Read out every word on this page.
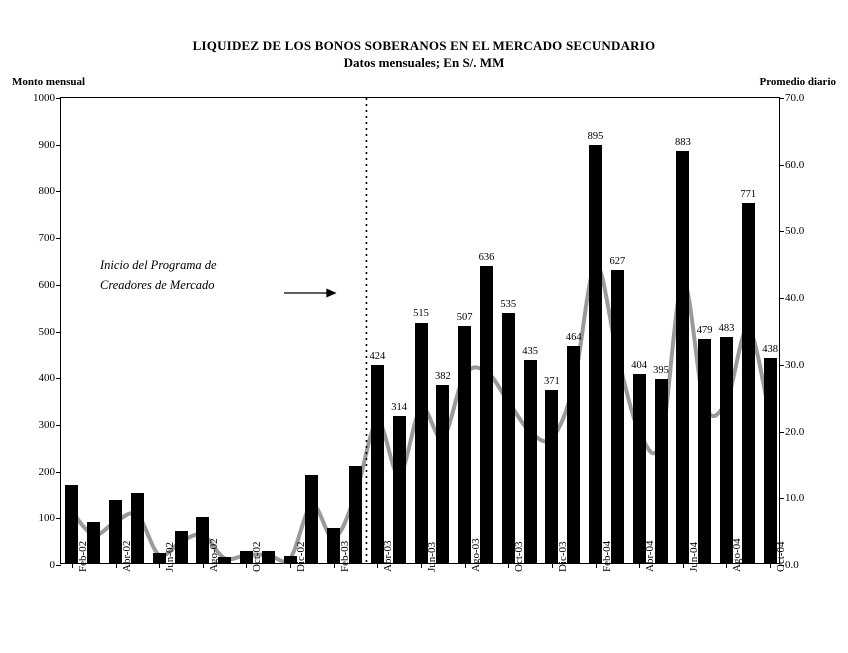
LIQUIDEZ DE LOS BONOS SOBERANOS EN EL MERCADO SECUNDARIO
Datos mensuales; En S/. MM
Monto mensual	Promedio diario
0
100
200
300
400
500
600
700
800
900
1000
0.0
10.0
20.0
30.0
40.0
50.0
60.0
70.0
424
314
515
382
507
636
535
435
371
464
895
627
404 395
883
479 483
771
438
Feb-02	Abr-02	Jun-02	Ago-02	Oct-02	Dic-02	Feb-03	Abr-03	Jun-03	Ago-03	Oct-03	Dic-03	Feb-04	Abr-04	Jun-04	Ago-04	Oct-04
Inicio del Programa de
Creadores de Mercado
